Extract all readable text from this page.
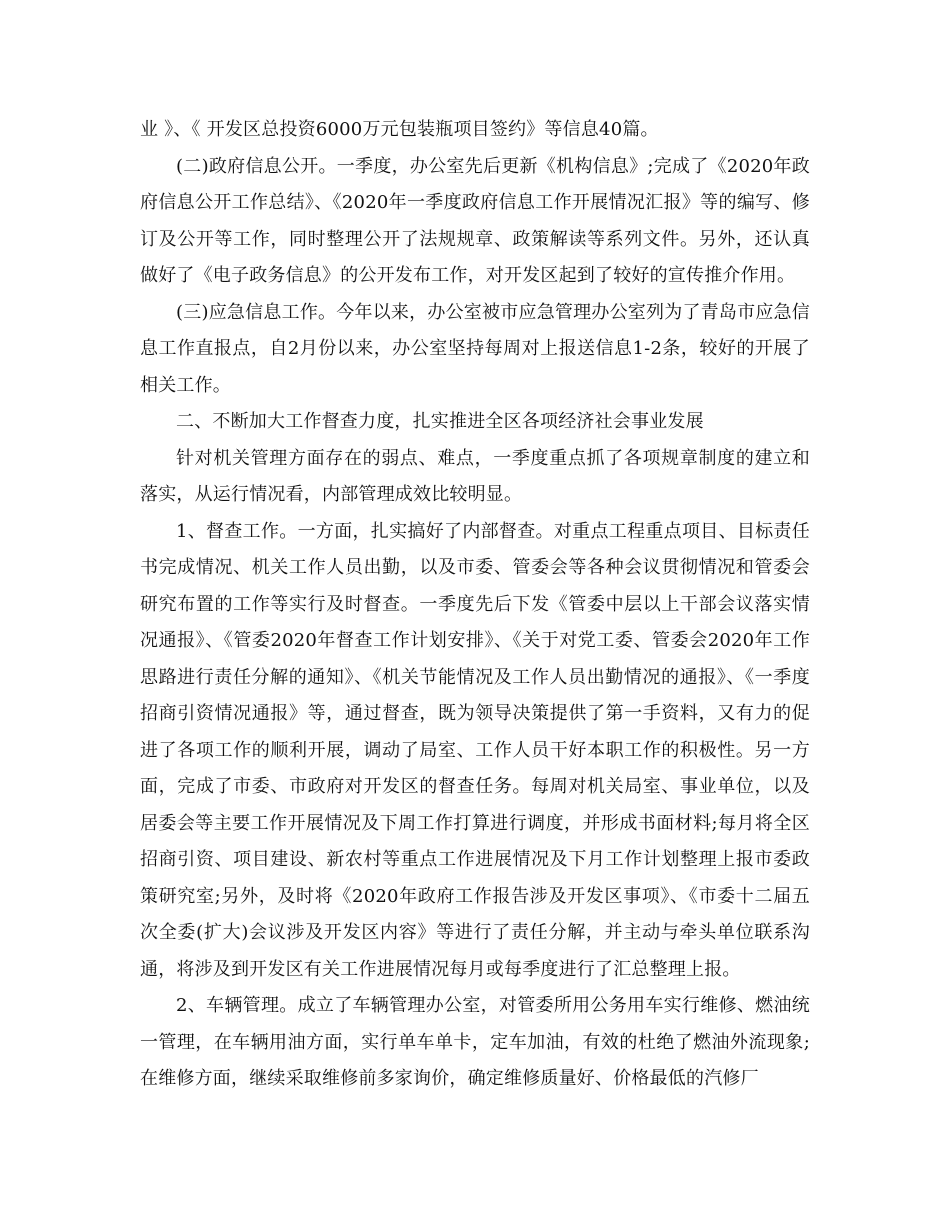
业 》、《 开发区总投资6000万元包装瓶项目签约》等信息40篇。

(二)政府信息公开。一季度，办公室先后更新《机构信息》;完成了《2020年政府信息公开工作总结》、《2020年一季度政府信息工作开展情况汇报》等的编写、修订及公开等工作，同时整理公开了法规规章、政策解读等系列文件。另外，还认真做好了《电子政务信息》的公开发布工作，对开发区起到了较好的宣传推介作用。

(三)应急信息工作。今年以来，办公室被市应急管理办公室列为了青岛市应急信息工作直报点，自2月份以来，办公室坚持每周对上报送信息1-2条，较好的开展了相关工作。

二、不断加大工作督查力度，扎实推进全区各项经济社会事业发展

针对机关管理方面存在的弱点、难点，一季度重点抓了各项规章制度的建立和落实，从运行情况看，内部管理成效比较明显。

1、督查工作。一方面，扎实搞好了内部督查。对重点工程重点项目、目标责任书完成情况、机关工作人员出勤，以及市委、管委会等各种会议贯彻情况和管委会研究布置的工作等实行及时督查。一季度先后下发《管委中层以上干部会议落实情况通报》、《管委2020年督查工作计划安排》、《关于对党工委、管委会2020年工作思路进行责任分解的通知》、《机关节能情况及工作人员出勤情况的通报》、《一季度招商引资情况通报》等，通过督查，既为领导决策提供了第一手资料，又有力的促进了各项工作的顺利开展，调动了局室、工作人员干好本职工作的积极性。另一方面，完成了市委、市政府对开发区的督查任务。每周对机关局室、事业单位，以及居委会等主要工作开展情况及下周工作打算进行调度，并形成书面材料;每月将全区招商引资、项目建设、新农村等重点工作进展情况及下月工作计划整理上报市委政策研究室;另外，及时将《2020年政府工作报告涉及开发区事项》、《市委十二届五次全委(扩大)会议涉及开发区内容》等进行了责任分解，并主动与牵头单位联系沟通，将涉及到开发区有关工作进展情况每月或每季度进行了汇总整理上报。

2、车辆管理。成立了车辆管理办公室，对管委所用公务用车实行维修、燃油统一管理，在车辆用油方面，实行单车单卡，定车加油，有效的杜绝了燃油外流现象;在维修方面，继续采取维修前多家询价，确定维修质量好、价格最低的汽修厂
